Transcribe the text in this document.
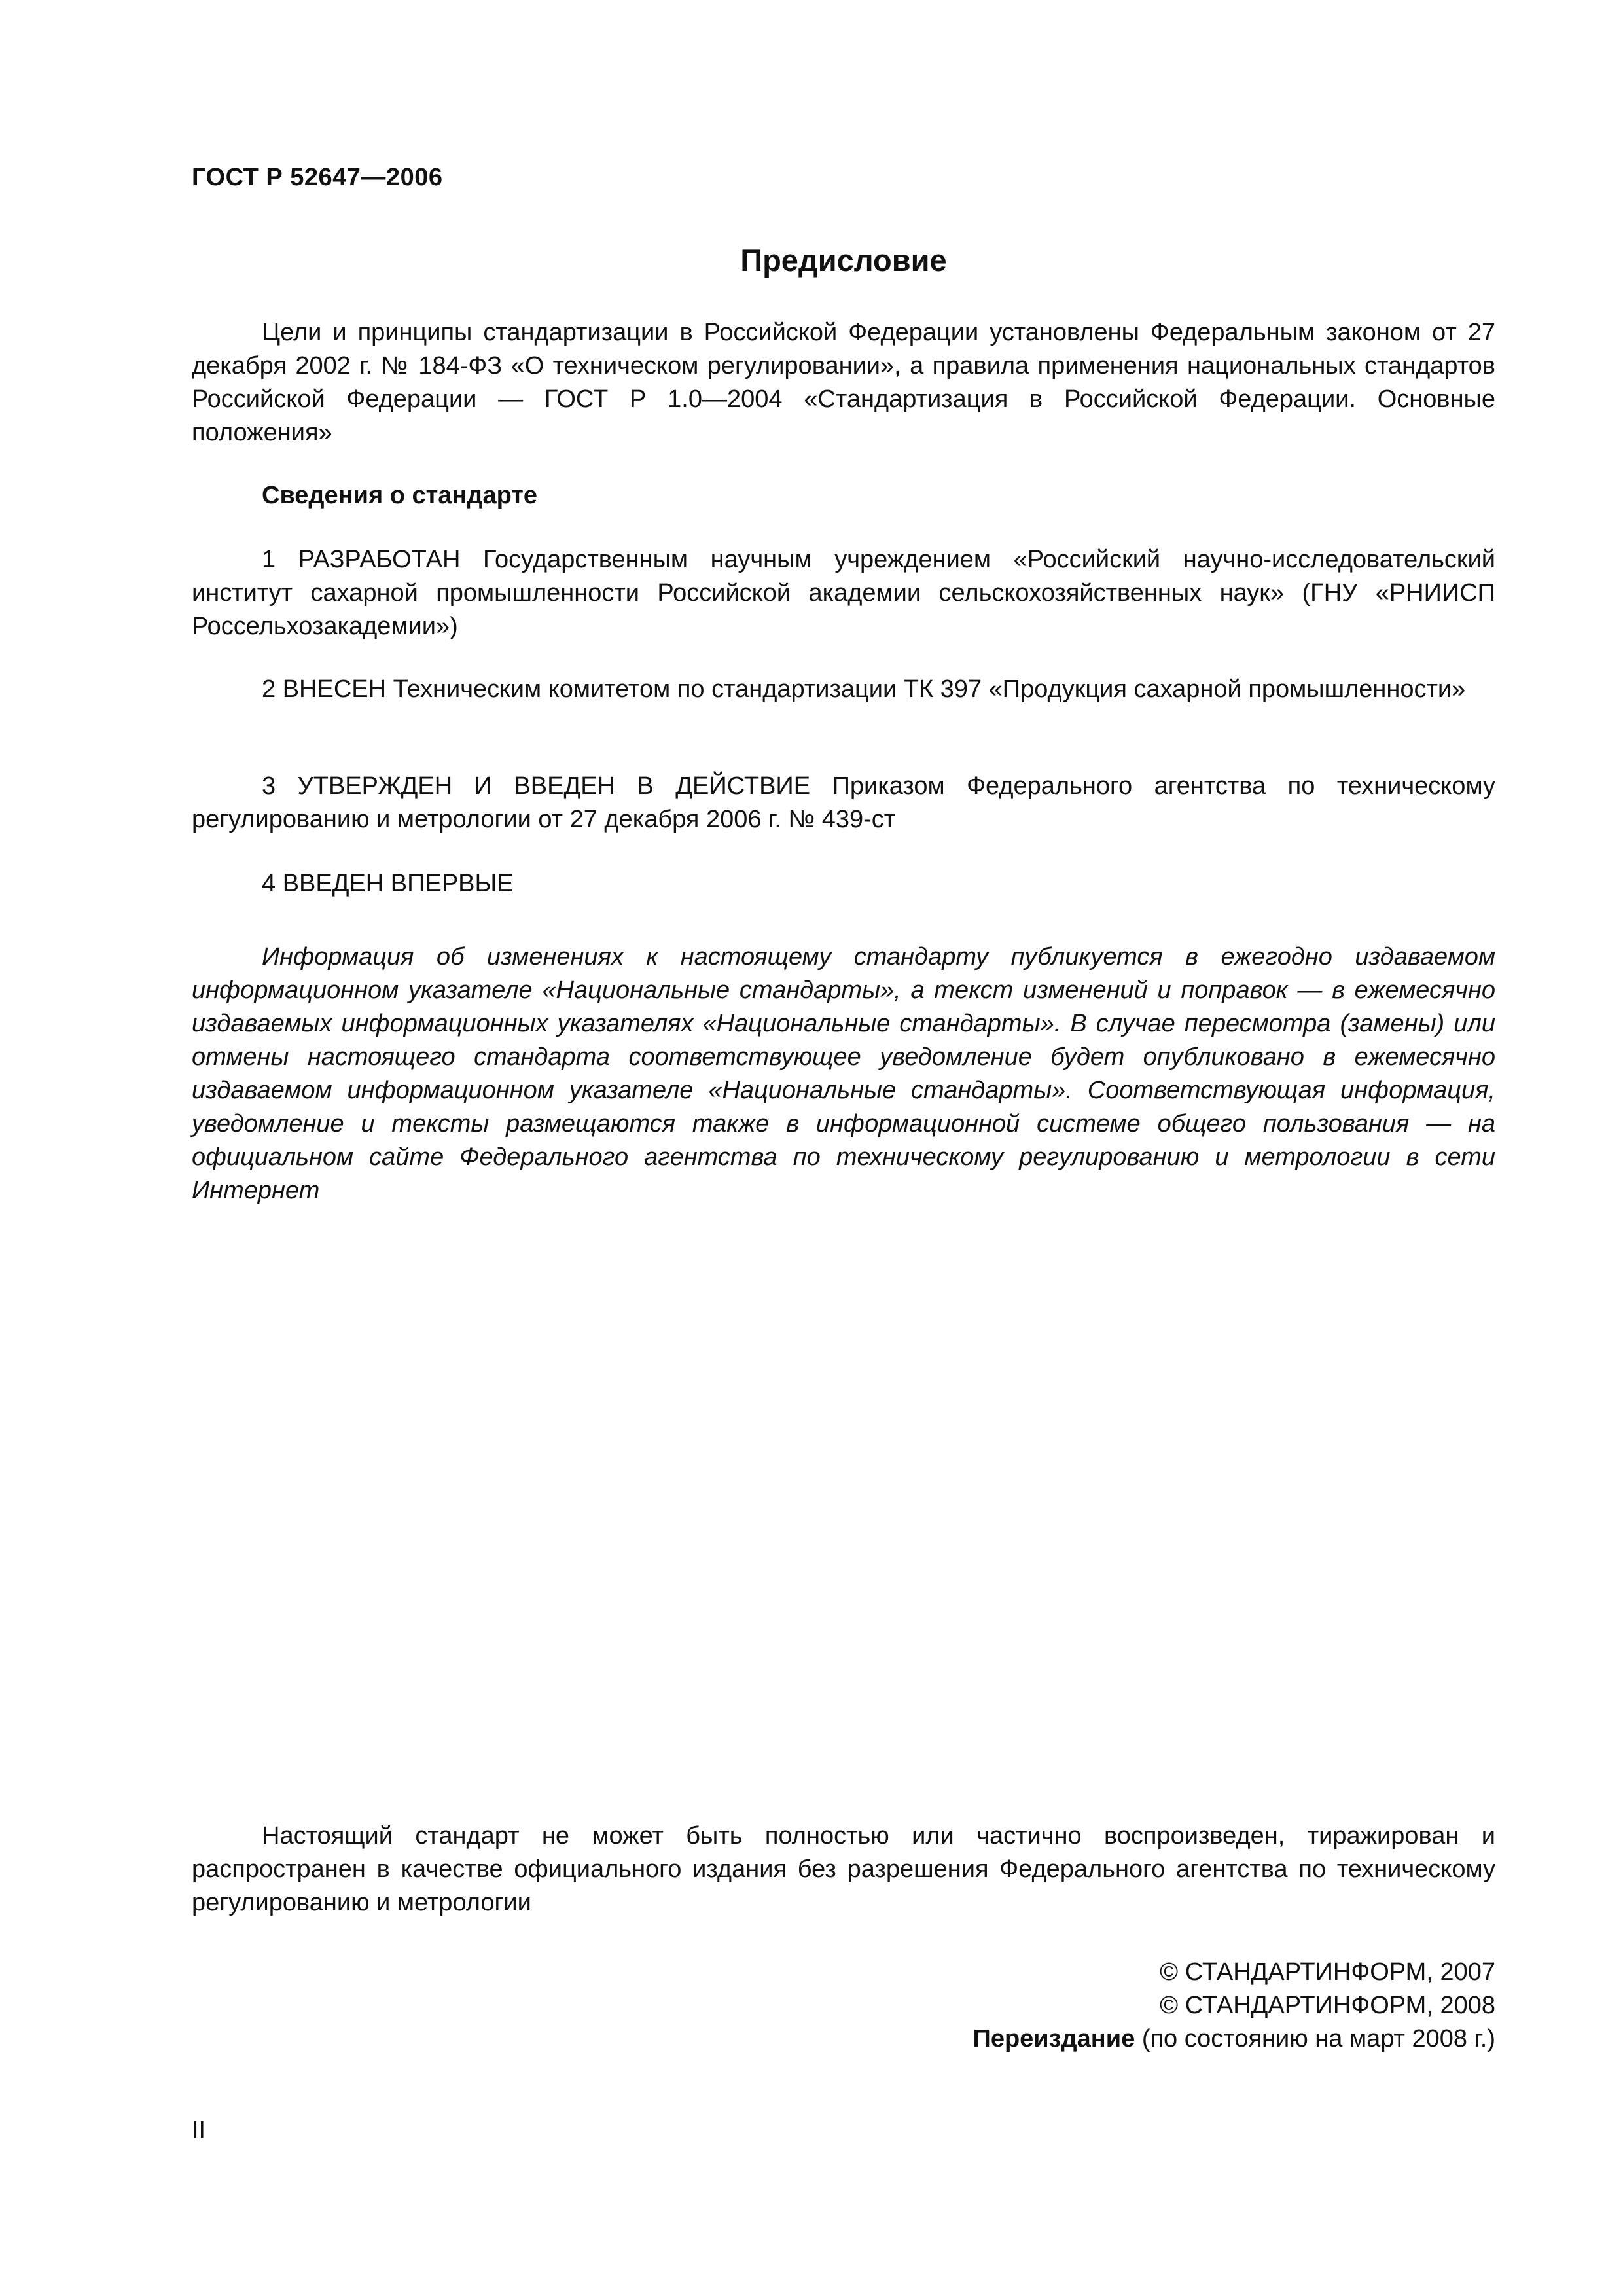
ГОСТ Р 52647—2006
Предисловие
Цели и принципы стандартизации в Российской Федерации установлены Федеральным законом от 27 декабря 2002 г. № 184-ФЗ «О техническом регулировании», а правила применения национальных стандартов Российской Федерации — ГОСТ Р 1.0—2004 «Стандартизация в Российской Федерации. Основные положения»
Сведения о стандарте
1 РАЗРАБОТАН Государственным научным учреждением «Российский научно-исследовательский институт сахарной промышленности Российской академии сельскохозяйственных наук» (ГНУ «РНИИСП Россельхозакадемии»)
2 ВНЕСЕН Техническим комитетом по стандартизации ТК 397 «Продукция сахарной промышленности»
3 УТВЕРЖДЕН И ВВЕДЕН В ДЕЙСТВИЕ Приказом Федерального агентства по техническому регулированию и метрологии от 27 декабря 2006 г. № 439-ст
4 ВВЕДЕН ВПЕРВЫЕ
Информация об изменениях к настоящему стандарту публикуется в ежегодно издаваемом информационном указателе «Национальные стандарты», а текст изменений и поправок — в ежемесячно издаваемых информационных указателях «Национальные стандарты». В случае пересмотра (замены) или отмены настоящего стандарта соответствующее уведомление будет опубликовано в ежемесячно издаваемом информационном указателе «Национальные стандарты». Соответствующая информация, уведомление и тексты размещаются также в информационной системе общего пользования — на официальном сайте Федерального агентства по техническому регулированию и метрологии в сети Интернет
Настоящий стандарт не может быть полностью или частично воспроизведен, тиражирован и распространен в качестве официального издания без разрешения Федерального агентства по техническому регулированию и метрологии
© СТАНДАРТИНФОРМ, 2007
© СТАНДАРТИНФОРМ, 2008
Переиздание (по состоянию на март 2008 г.)
II
